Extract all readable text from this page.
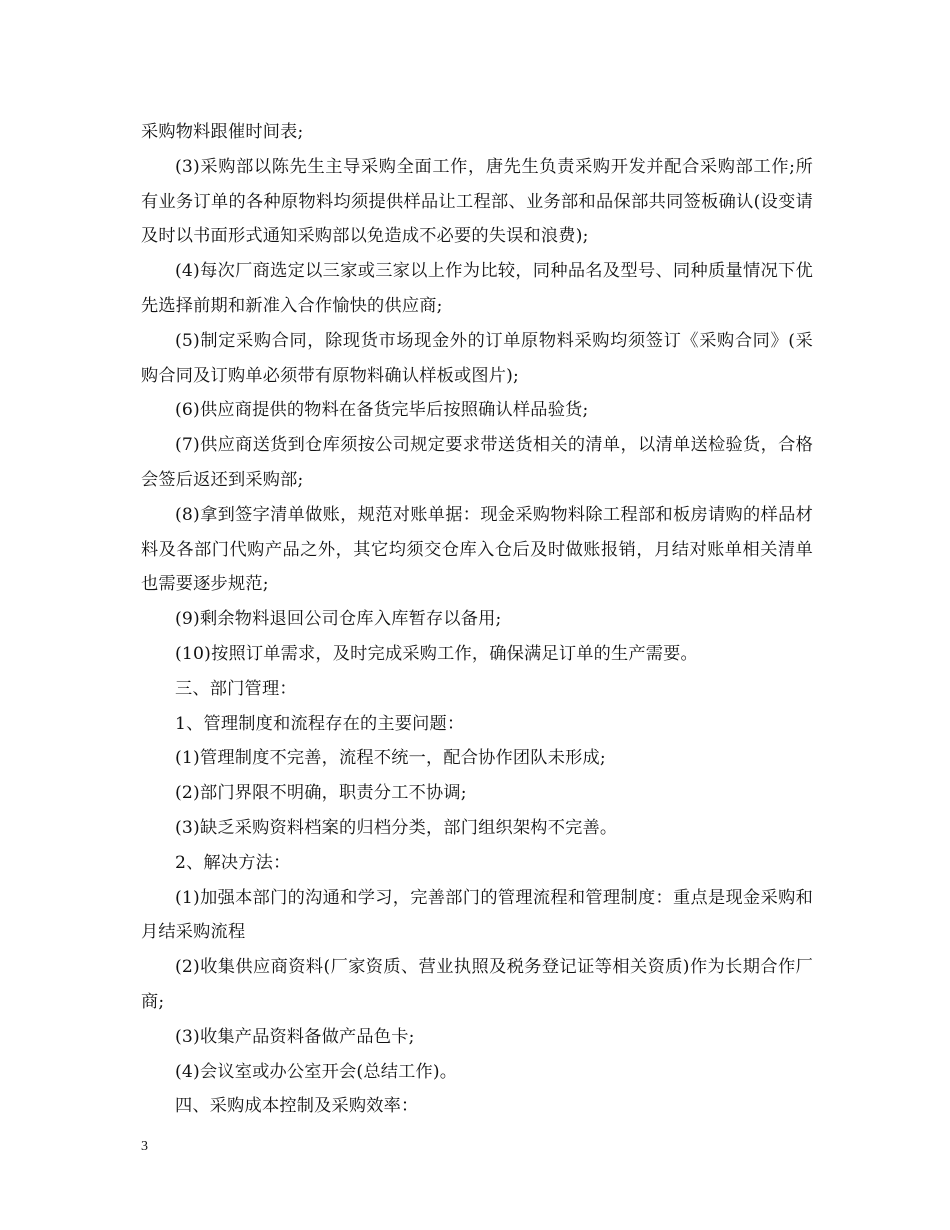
采购物料跟催时间表;

(3)采购部以陈先生主导采购全面工作，唐先生负责采购开发并配合采购部工作;所有业务订单的各种原物料均须提供样品让工程部、业务部和品保部共同签板确认(设变请及时以书面形式通知采购部以免造成不必要的失误和浪费);

(4)每次厂商选定以三家或三家以上作为比较，同种品名及型号、同种质量情况下优先选择前期和新准入合作愉快的供应商;

(5)制定采购合同，除现货市场现金外的订单原物料采购均须签订《采购合同》(采购合同及订购单必须带有原物料确认样板或图片);

(6)供应商提供的物料在备货完毕后按照确认样品验货;

(7)供应商送货到仓库须按公司规定要求带送货相关的清单，以清单送检验货，合格会签后返还到采购部;

(8)拿到签字清单做账，规范对账单据：现金采购物料除工程部和板房请购的样品材料及各部门代购产品之外，其它均须交仓库入仓后及时做账报销，月结对账单相关清单也需要逐步规范;

(9)剩余物料退回公司仓库入库暂存以备用;

(10)按照订单需求，及时完成采购工作，确保满足订单的生产需要。

三、部门管理：

1、管理制度和流程存在的主要问题：

(1)管理制度不完善，流程不统一，配合协作团队未形成;

(2)部门界限不明确，职责分工不协调;

(3)缺乏采购资料档案的归档分类，部门组织架构不完善。

2、解决方法：

(1)加强本部门的沟通和学习，完善部门的管理流程和管理制度：重点是现金采购和月结采购流程

(2)收集供应商资料(厂家资质、营业执照及税务登记证等相关资质)作为长期合作厂商;

(3)收集产品资料备做产品色卡;

(4)会议室或办公室开会(总结工作)。

四、采购成本控制及采购效率：

3
